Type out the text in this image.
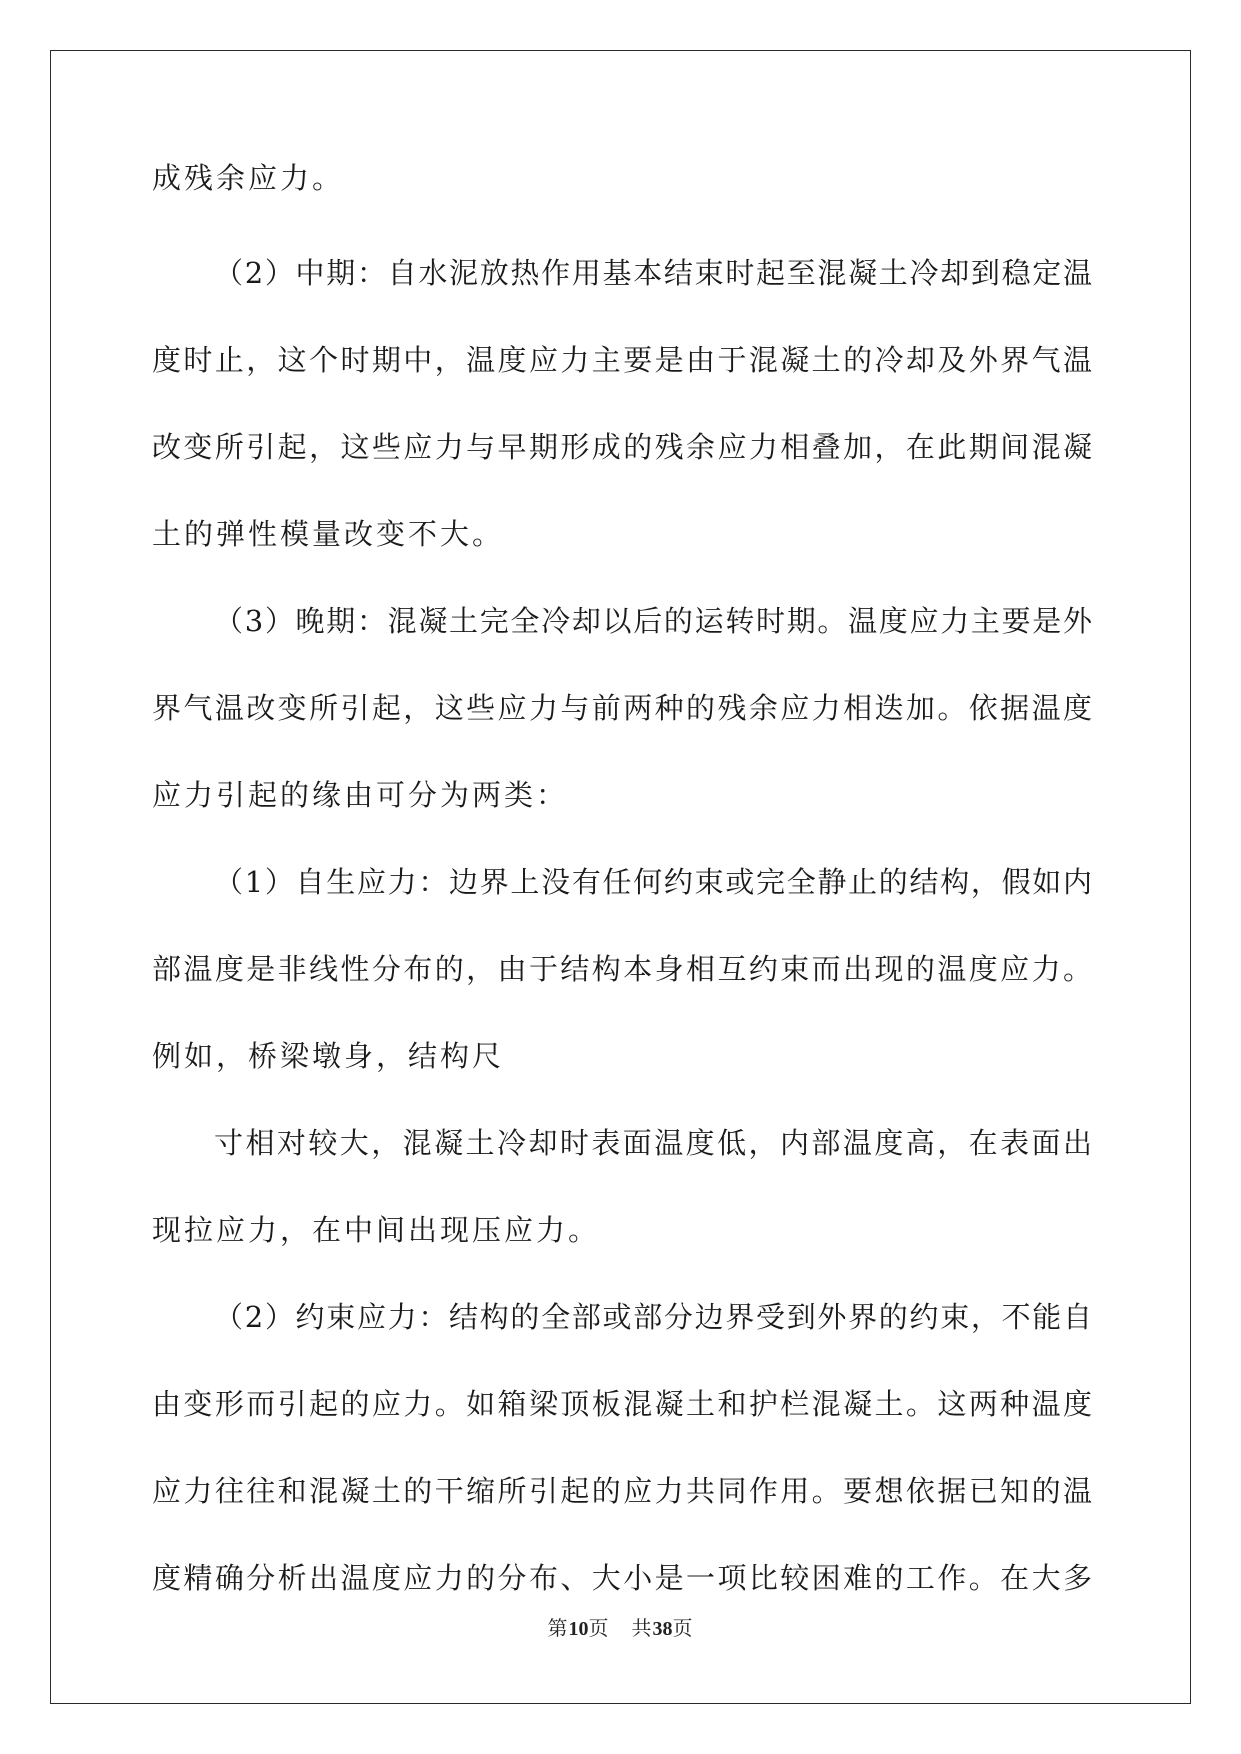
成残余应力。
（2）中期：自水泥放热作用基本结束时起至混凝土冷却到稳定温
度时止，这个时期中，温度应力主要是由于混凝土的冷却及外界气温
改变所引起，这些应力与早期形成的残余应力相叠加，在此期间混凝
土的弹性模量改变不大。
（3）晚期：混凝土完全冷却以后的运转时期。温度应力主要是外
界气温改变所引起，这些应力与前两种的残余应力相迭加。依据温度
应力引起的缘由可分为两类：
（1）自生应力：边界上没有任何约束或完全静止的结构，假如内
部温度是非线性分布的，由于结构本身相互约束而出现的温度应力。
例如，桥梁墩身，结构尺
寸相对较大，混凝土冷却时表面温度低，内部温度高，在表面出
现拉应力，在中间出现压应力。
（2）约束应力：结构的全部或部分边界受到外界的约束，不能自
由变形而引起的应力。如箱梁顶板混凝土和护栏混凝土。这两种温度
应力往往和混凝土的干缩所引起的应力共同作用。要想依据已知的温
度精确分析出温度应力的分布、大小是一项比较困难的工作。在大多
第10页 共38页
